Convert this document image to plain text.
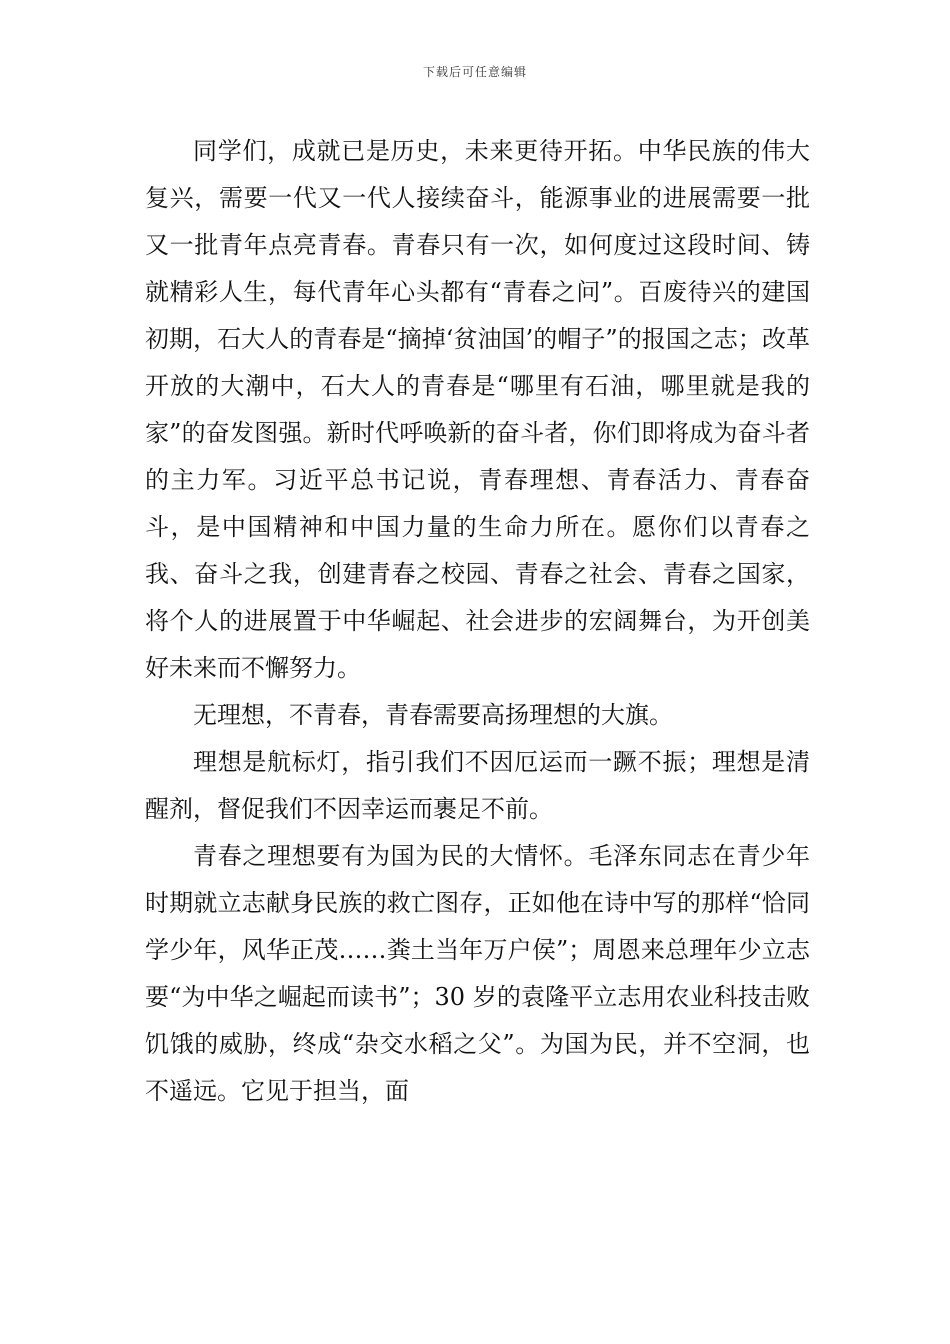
下载后可任意编辑

同学们，成就已是历史，未来更待开拓。中华民族的伟大复兴，需要一代又一代人接续奋斗，能源事业的进展需要一批又一批青年点亮青春。青春只有一次，如何度过这段时间、铸就精彩人生，每代青年心头都有“青春之问”。百废待兴的建国初期，石大人的青春是“摘掉‘贫油国’的帽子”的报国之志；改革开放的大潮中，石大人的青春是“哪里有石油，哪里就是我的家”的奋发图强。新时代呼唤新的奋斗者，你们即将成为奋斗者的主力军。习近平总书记说，青春理想、青春活力、青春奋斗，是中国精神和中国力量的生命力所在。愿你们以青春之我、奋斗之我，创建青春之校园、青春之社会、青春之国家，将个人的进展置于中华崛起、社会进步的宏阔舞台，为开创美好未来而不懈努力。

无理想，不青春，青春需要高扬理想的大旗。

理想是航标灯，指引我们不因厄运而一蹶不振；理想是清醒剂，督促我们不因幸运而裹足不前。

青春之理想要有为国为民的大情怀。毛泽东同志在青少年时期就立志献身民族的救亡图存，正如他在诗中写的那样“恰同学少年，风华正茂……粪土当年万户侯”；周恩来总理年少立志要“为中华之崛起而读书”；30 岁的袁隆平立志用农业科技击败饥饿的威胁，终成“杂交水稻之父”。为国为民，并不空洞，也不遥远。它见于担当，面
